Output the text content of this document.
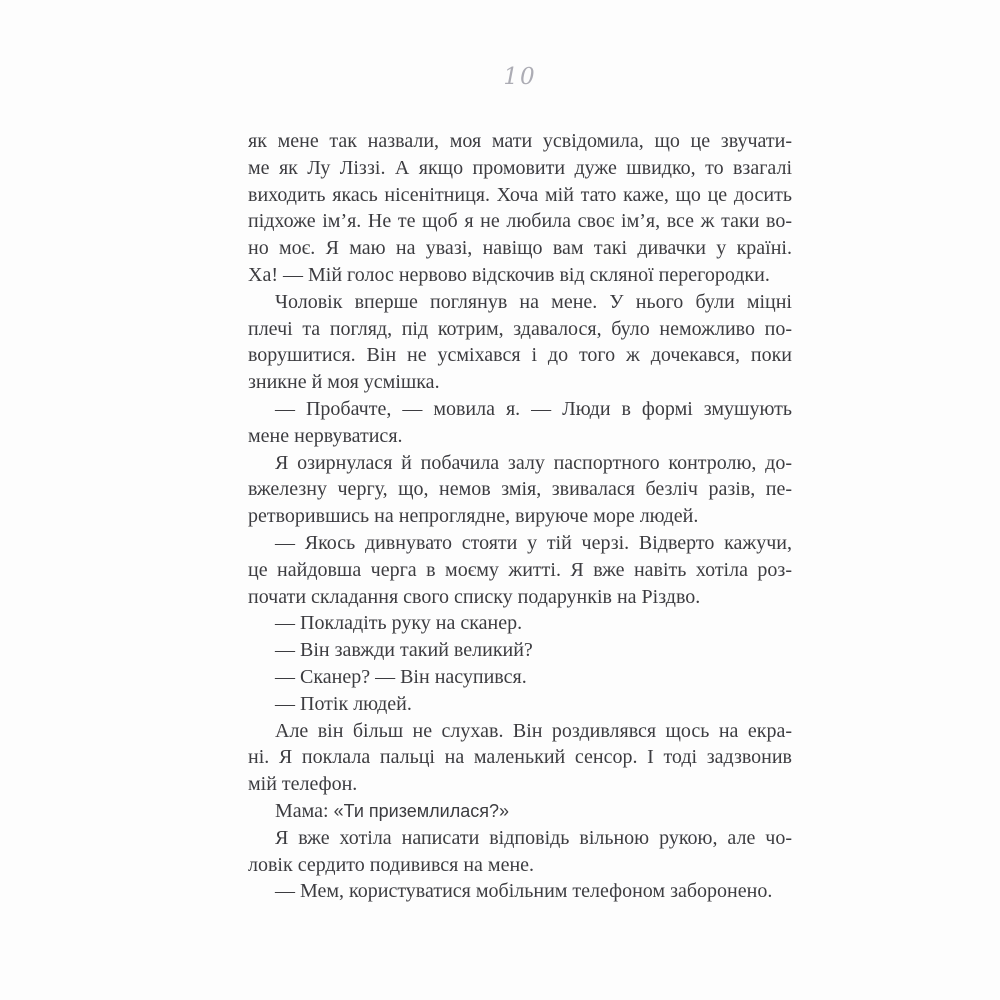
10
як мене так назвали, моя мати усвідомила, що це звучати-
ме як Лу Ліззі. А якщо промовити дуже швидко, то взагалі
виходить якась нісенітниця. Хоча мій тато каже, що це досить
підхоже ім’я. Не те щоб я не любила своє ім’я, все ж таки во-
но моє. Я маю на увазі, навіщо вам такі дивачки у країні.
Ха! — Мій голос нервово відскочив від скляної перегородки.
Чоловік вперше поглянув на мене. У нього були міцні
плечі та погляд, під котрим, здавалося, було неможливо по-
ворушитися. Він не усміхався і до того ж дочекався, поки
зникне й моя усмішка.
— Пробачте, — мовила я. — Люди в формі змушують
мене нервуватися.
Я озирнулася й побачила залу паспортного контролю, до-
вжелезну чергу, що, немов змія, звивалася безліч разів, пе-
ретворившись на непроглядне, вируюче море людей.
— Якось дивнувато стояти у тій черзі. Відверто кажучи,
це найдовша черга в моєму житті. Я вже навіть хотіла роз-
почати складання свого списку подарунків на Різдво.
— Покладіть руку на сканер.
— Він завжди такий великий?
— Сканер? — Він насупився.
— Потік людей.
Але він більш не слухав. Він роздивлявся щось на екра-
ні. Я поклала пальці на маленький сенсор. І тоді задзвонив
мій телефон.
Мама: «Ти приземлилася?»
Я вже хотіла написати відповідь вільною рукою, але чо-
ловік сердито подивився на мене.
— Мем, користуватися мобільним телефоном заборонено.
